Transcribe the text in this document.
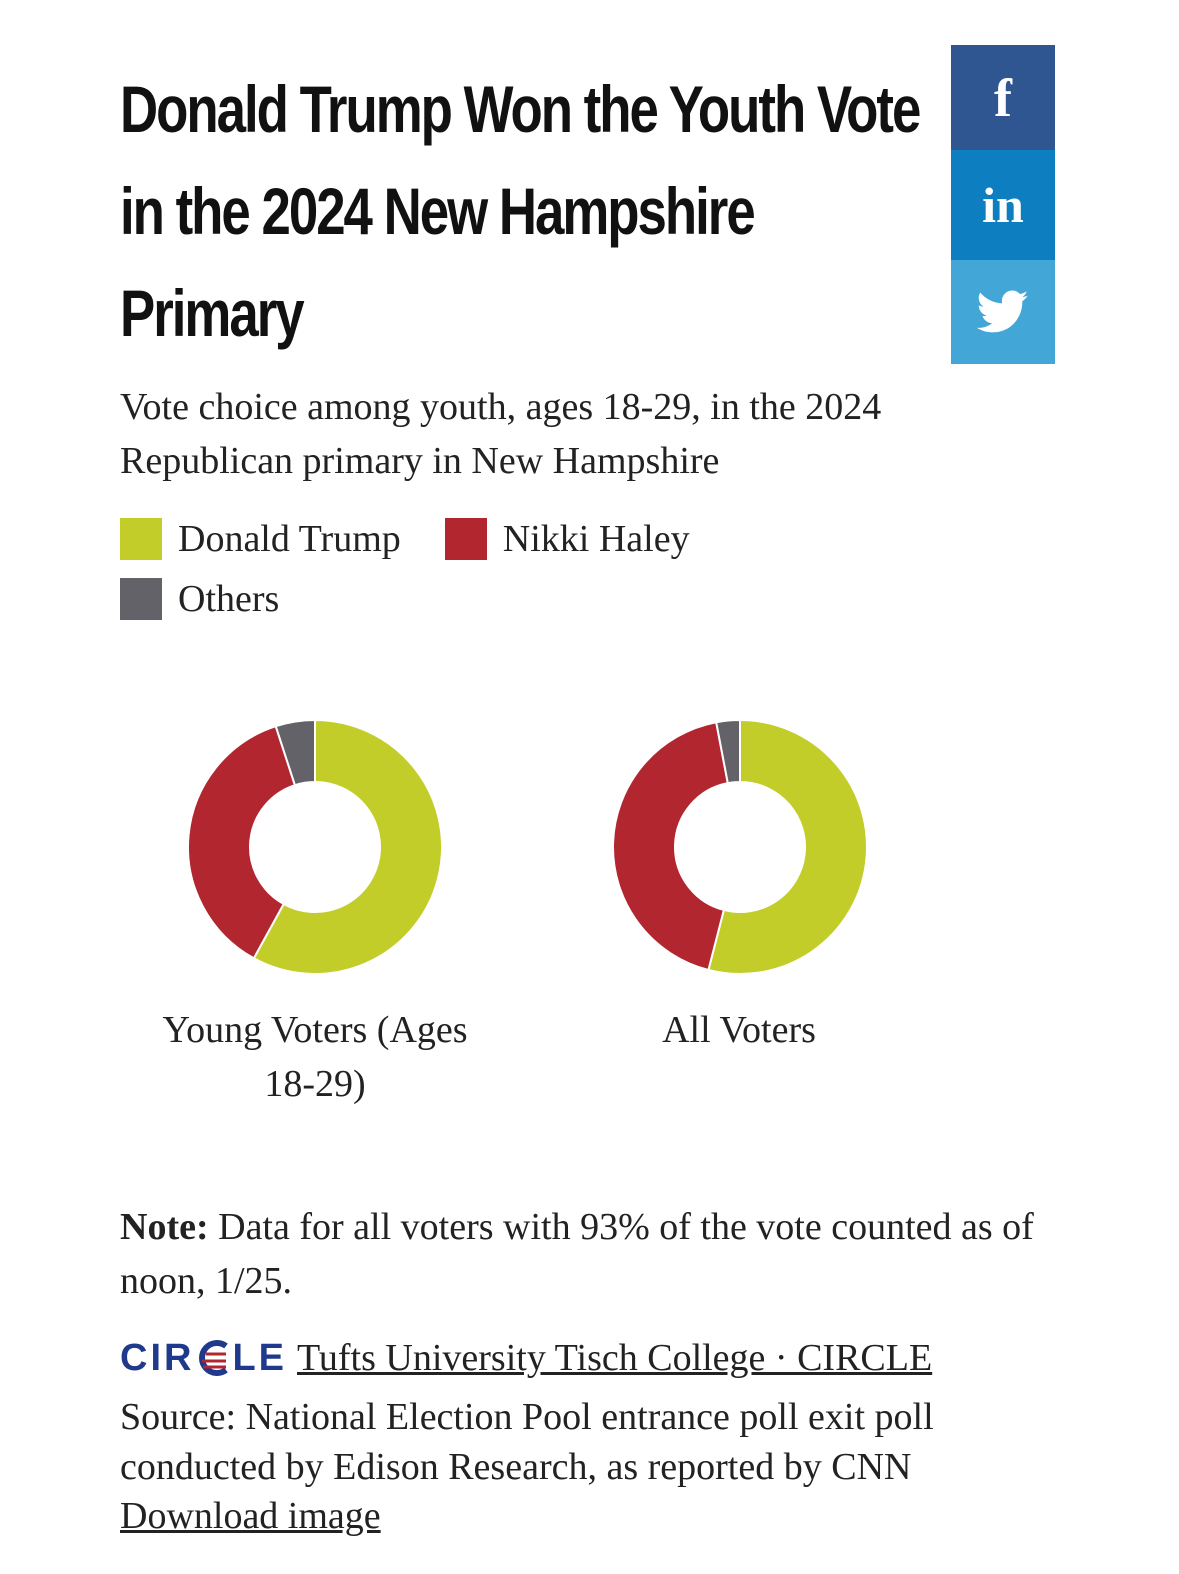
Donald Trump Won the Youth Vote in the 2024 New Hampshire Primary
Vote choice among youth, ages 18-29, in the 2024 Republican primary in New Hampshire
Donald Trump	Nikki Haley
Others
f
in
Young Voters (Ages 18-29)
All Voters
Note: Data for all voters with 93% of the vote counted as of noon, 1/25.
CIR LE Tufts University Tisch College · CIRCLE
Source: National Election Pool entrance poll exit poll conducted by Edison Research, as reported by CNN
Download image
